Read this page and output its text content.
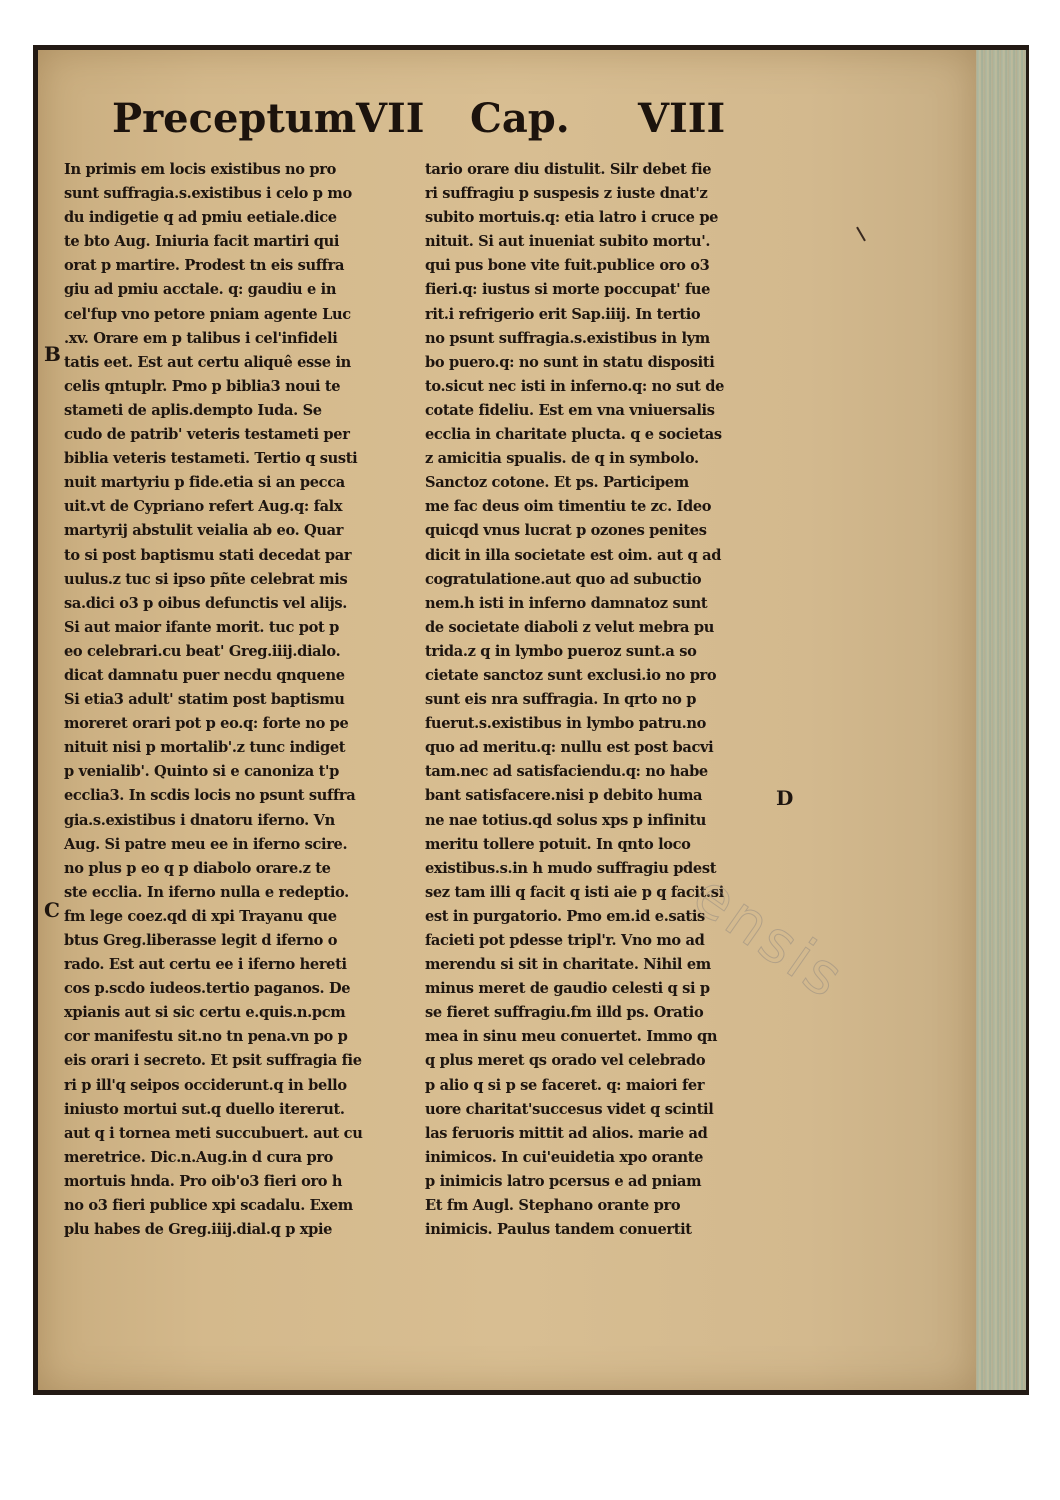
Preceptum VII Cap. VIII
In primis em locis existibus no pro
sunt suffragia.s.existibus i celo p mo
du indigetie q ad pmiu eetiale.dice
te bto Aug. Iniuria facit martiri qui
orat p martire. Prodest tn eis suffra
giu ad pmiu acctale. q: gaudiu e in
cel'fup vno petore pniam agente Luc
.xv. Orare em p talibus i cel'infideli
tatis eet. Est aut certu aliquê esse in
celis qntuplr. Pmo p biblia3 noui te
stameti de aplis.dempto Iuda. Se
cudo de patrib' veteris testameti per
biblia veteris testameti. Tertio q susti
nuit martyriu p fide.etia si an pecca
uit.vt de Cypriano refert Aug.q: falx
martyrij abstulit veialia ab eo. Quar
to si post baptismu stati decedat par
uulus.z tuc si ipso pñte celebrat mis
sa.dici o3 p oibus defunctis vel alijs.
Si aut maior ifante morit. tuc pot p
eo celebrari.cu beat' Greg.iiij.dialo.
dicat damnatu puer necdu qnquene
Si etia3 adult' statim post baptismu
moreret orari pot p eo.q: forte no pe
nituit nisi p mortalib'.z tunc indiget
p venialib'. Quinto si e canoniza t'p
ecclia3. In scdis locis no psunt suffra
gia.s.existibus i dnatoru iferno. Vn
Aug. Si patre meu ee in iferno scire.
no plus p eo q p diabolo orare.z te
ste ecclia. In iferno nulla e redeptio.
fm lege coez.qd di xpi Trayanu que
btus Greg.liberasse legit d iferno o
rado. Est aut certu ee i iferno hereti
cos p.scdo iudeos.tertio paganos. De
xpianis aut si sic certu e.quis.n.pcm
cor manifestu sit.no tn pena.vn po p
eis orari i secreto. Et psit suffragia fie
ri p ill'q seipos occiderunt.q in bello
iniusto mortui sut.q duello itererut.
aut q i tornea meti succubuert. aut cu
meretrice. Dic.n.Aug.in d cura pro
mortuis hnda. Pro oib'o3 fieri oro h
no o3 fieri publice xpi scadalu. Exem
plu habes de Greg.iiij.dial.q p xpie
tario orare diu distulit. Silr debet fie
ri suffragiu p suspesis z iuste dnat'z
subito mortuis.q: etia latro i cruce pe
nituit. Si aut inueniat subito mortu'.
qui pus bone vite fuit.publice oro o3
fieri.q: iustus si morte poccupat' fue
rit.i refrigerio erit Sap.iiij. In tertio
no psunt suffragia.s.existibus in lym
bo puero.q: no sunt in statu dispositi
to.sicut nec isti in inferno.q: no sut de
cotate fideliu. Est em vna vniuersalis
ecclia in charitate plucta. q e societas
z amicitia spualis. de q in symbolo.
Sanctoz cotone. Et ps. Participem
me fac deus oim timentiu te zc. Ideo
quicqd vnus lucrat p ozones penites
dicit in illa societate est oim. aut q ad
cogratulatione.aut quo ad subuctio
nem.h isti in inferno damnatoz sunt
de societate diaboli z velut mebra pu
trida.z q in lymbo pueroz sunt.a so
cietate sanctoz sunt exclusi.io no pro
sunt eis nra suffragia. In qrto no p
fuerut.s.existibus in lymbo patru.no
quo ad meritu.q: nullu est post bacvi
tam.nec ad satisfaciendu.q: no habe
bant satisfacere.nisi p debito huma
ne nae totius.qd solus xps p infinitu
meritu tollere potuit. In qnto loco
existibus.s.in h mudo suffragiu pdest
sez tam illi q facit q isti aie p q facit.si
est in purgatorio. Pmo em.id e.satis
facieti pot pdesse tripl'r. Vno mo ad
merendu si sit in charitate. Nihil em
minus meret de gaudio celesti q si p
se fieret suffragiu.fm illd ps. Oratio
mea in sinu meu conuertet. Immo qn
q plus meret qs orado vel celebrado
p alio q si p se faceret. q: maiori fer
uore charitat'succesus videt q scintil
las feruoris mittit ad alios. marie ad
inimicos. In cui'euidetia xpo orante
p inimicis latro pcersus e ad pniam
Et fm Augl. Stephano orante pro
inimicis. Paulus tandem conuertit
B
C
D
ensis
